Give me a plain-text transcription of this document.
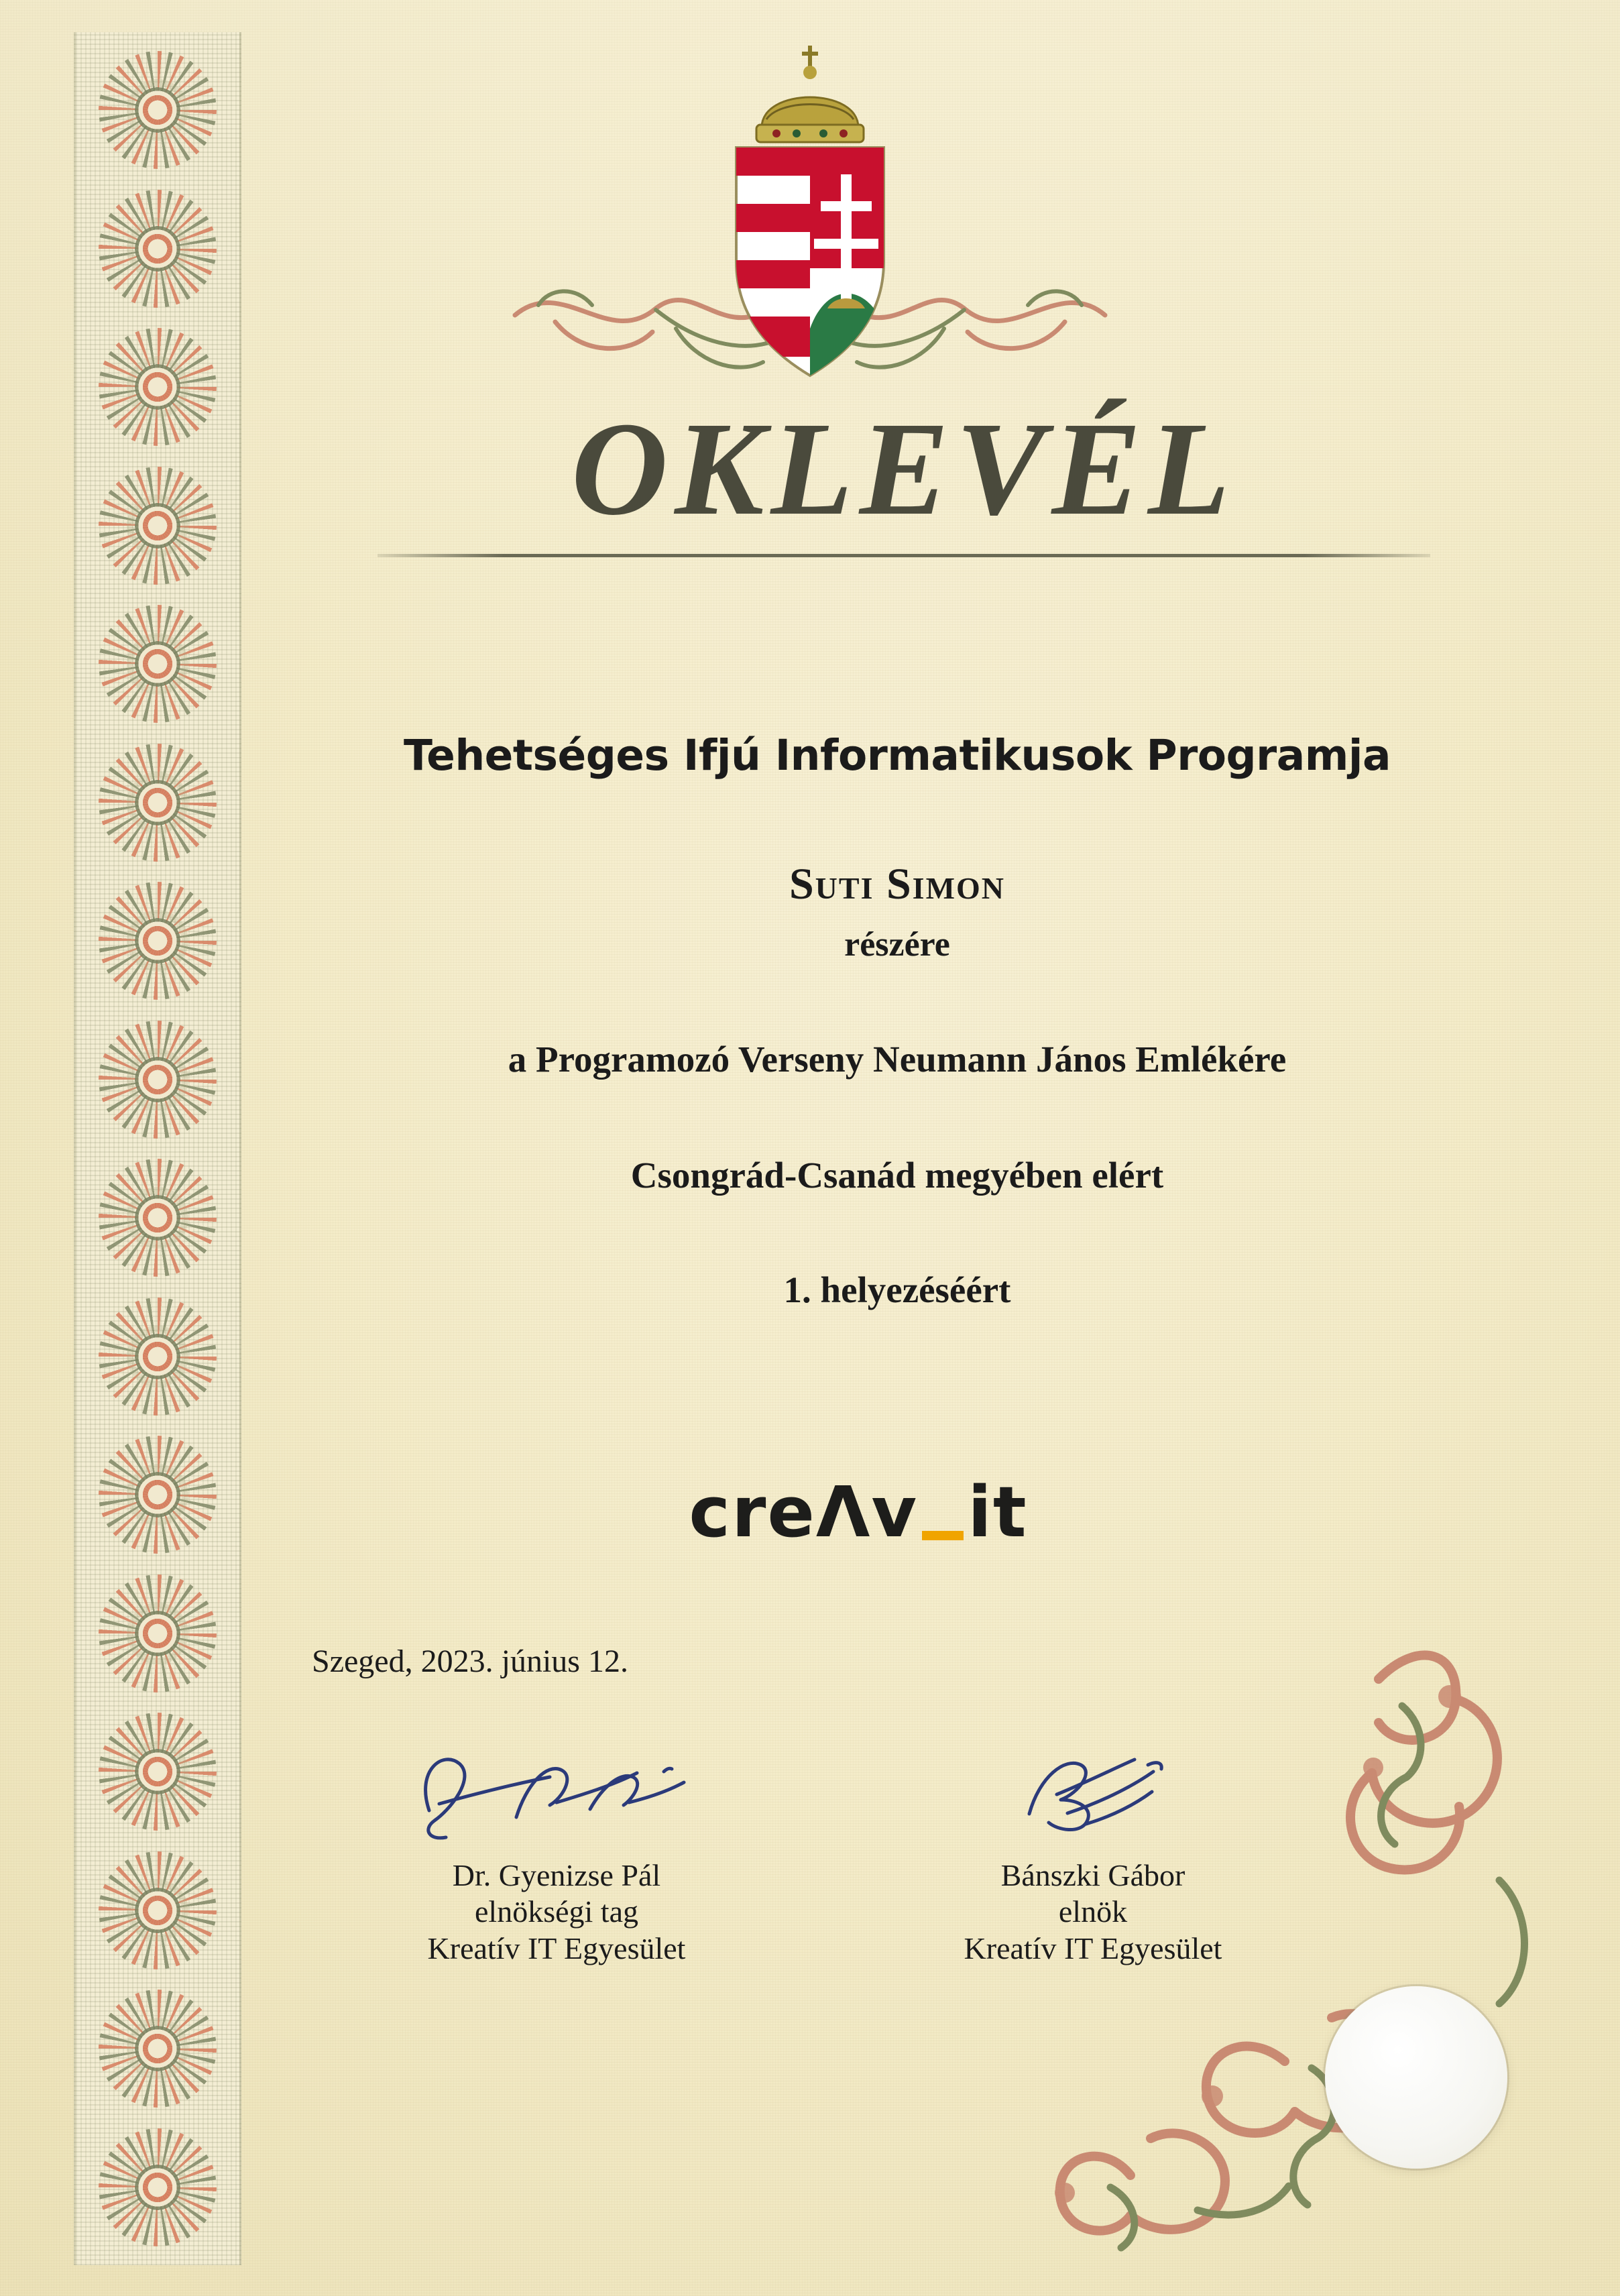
OKLEVÉL
Tehetséges Ifjú Informatikusok Programja
Suti Simon
részére
a Programozó Verseny Neumann János Emlékére
Csongrád-Csanád megyében elért
1. helyezéséért
creΛv it
Szeged, 2023. június 12.
Dr. Gyenizse Pál
elnökségi tag
Kreatív IT Egyesület
Bánszki Gábor
elnök
Kreatív IT Egyesület
